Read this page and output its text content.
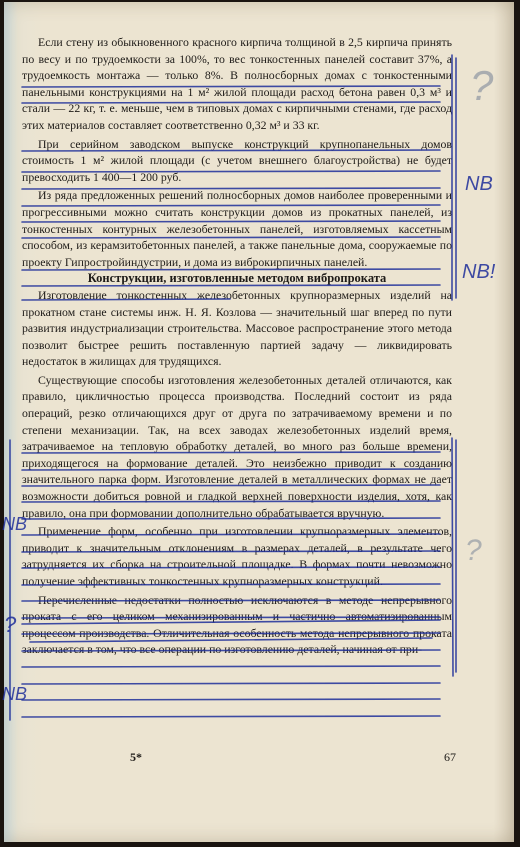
Если стену из обыкновенного красного кирпича толщиной в 2,5 кирпича принять по весу и по трудоемкости за 100%, то вес тонкостенных панелей составит 37%, а трудоемкость монтажа — только 8%. В полносборных домах с тонкостенными панельными конструкциями на 1 м² жилой площади расход бетона равен 0,3 м³ и стали — 22 кг, т. е. меньше, чем в типовых домах с кирпичными стенами, где расход этих материалов составляет соответственно 0,32 м³ и 33 кг.

При серийном заводском выпуске конструкций крупнопанельных домов стоимость 1 м² жилой площади (с учетом внешнего благоустройства) не будет превосходить 1 400—1 200 руб.

Из ряда предложенных решений полносборных домов наиболее проверенными и прогрессивными можно считать конструкции домов из прокатных панелей, из тонкостенных контурных железобетонных панелей, изготовляемых кассетным способом, из керамзитобетонных панелей, а также панельные дома, сооружаемые по проекту Гипростройиндустрии, и дома из виброкирпичных панелей.

Конструкции, изготовленные методом вибропроката

Изготовление тонкостенных железобетонных крупноразмерных изделий на прокатном стане системы инж. Н. Я. Козлова — значительный шаг вперед по пути развития индустриализации строительства. Массовое распространение этого метода позволит быстрее решить поставленную партией задачу — ликвидировать недостаток в жилищах для трудящихся.

Существующие способы изготовления железобетонных деталей отличаются, как правило, цикличностью процесса производства. Последний состоит из ряда операций, резко отличающихся друг от друга по затрачиваемому времени и по степени механизации. Так, на всех заводах железобетонных изделий время, затрачиваемое на тепловую обработку деталей, во много раз больше времени, приходящегося на формование деталей. Это неизбежно приводит к созданию значительного парка форм. Изготовление деталей в металлических формах не дает возможности добиться ровной и гладкой верхней поверхности изделия, хотя, как правило, она при формовании дополнительно обрабатывается вручную.

Применение форм, особенно при изготовлении крупноразмерных элементов, приводит к значительным отклонениям в размерах деталей, в результате чего затрудняется их сборка на строительной площадке. В формах почти невозможно получение эффективных тонкостенных крупноразмерных конструкций.

Перечисленные недостатки полностью исключаются в методе непрерывного проката с его целиком механизированным и частично автоматизированным процессом производства. Отличительная особенность метода непрерывного проката заключается в том, что все операции по изготовлению деталей, начиная от при-

5*	67
?
NB
NB!
NB
?
?
NB
